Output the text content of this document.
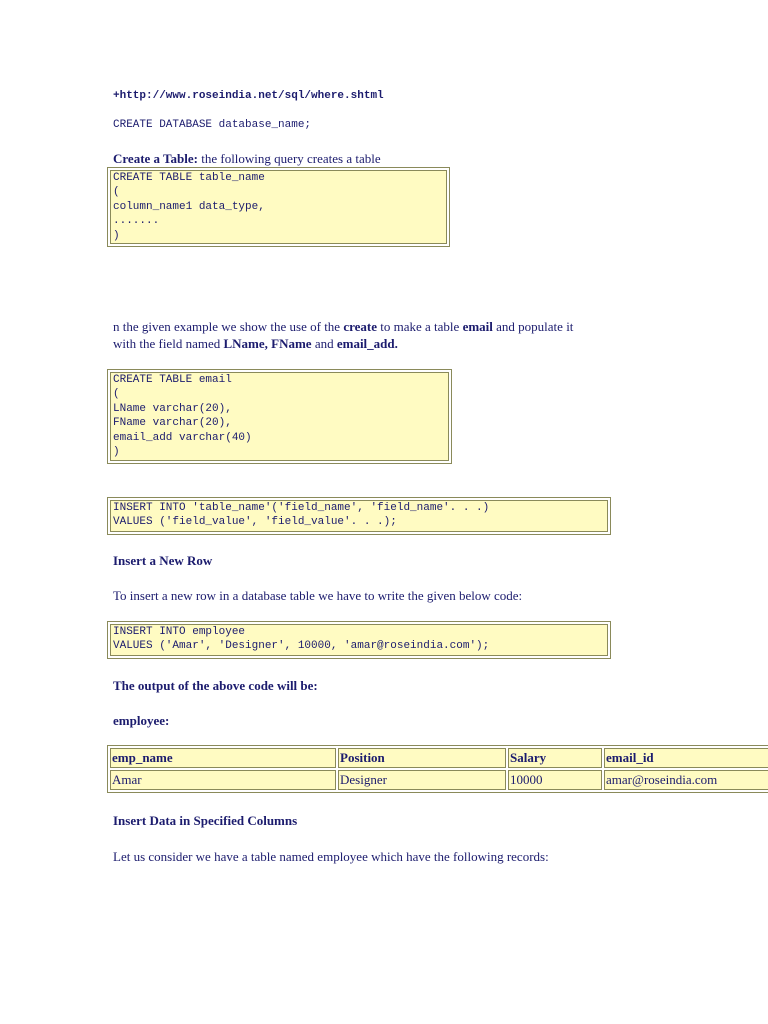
+http://www.roseindia.net/sql/where.shtml
CREATE DATABASE database_name;
Create a Table: the following query creates a table
CREATE TABLE table_name
(
column_name1 data_type,
.......
)
n the given example we show the use of the create to make a table email and populate it
with the field named LName, FName and email_add.
CREATE TABLE email
(
LName varchar(20),
FName varchar(20),
email_add varchar(40)
)
INSERT INTO 'table_name'('field_name', 'field_name'. . .)
VALUES ('field_value', 'field_value'. . .);
Insert a New Row
To insert a new row in a database table we have to write the given below code:
INSERT INTO employee
VALUES ('Amar', 'Designer', 10000, 'amar@roseindia.com');
The output of the above code will be:
employee:
emp_name	Position	Salary	email_id
Amar	Designer	10000	amar@roseindia.com
Insert Data in Specified Columns
Let us consider we have a table named employee which have the following records:
